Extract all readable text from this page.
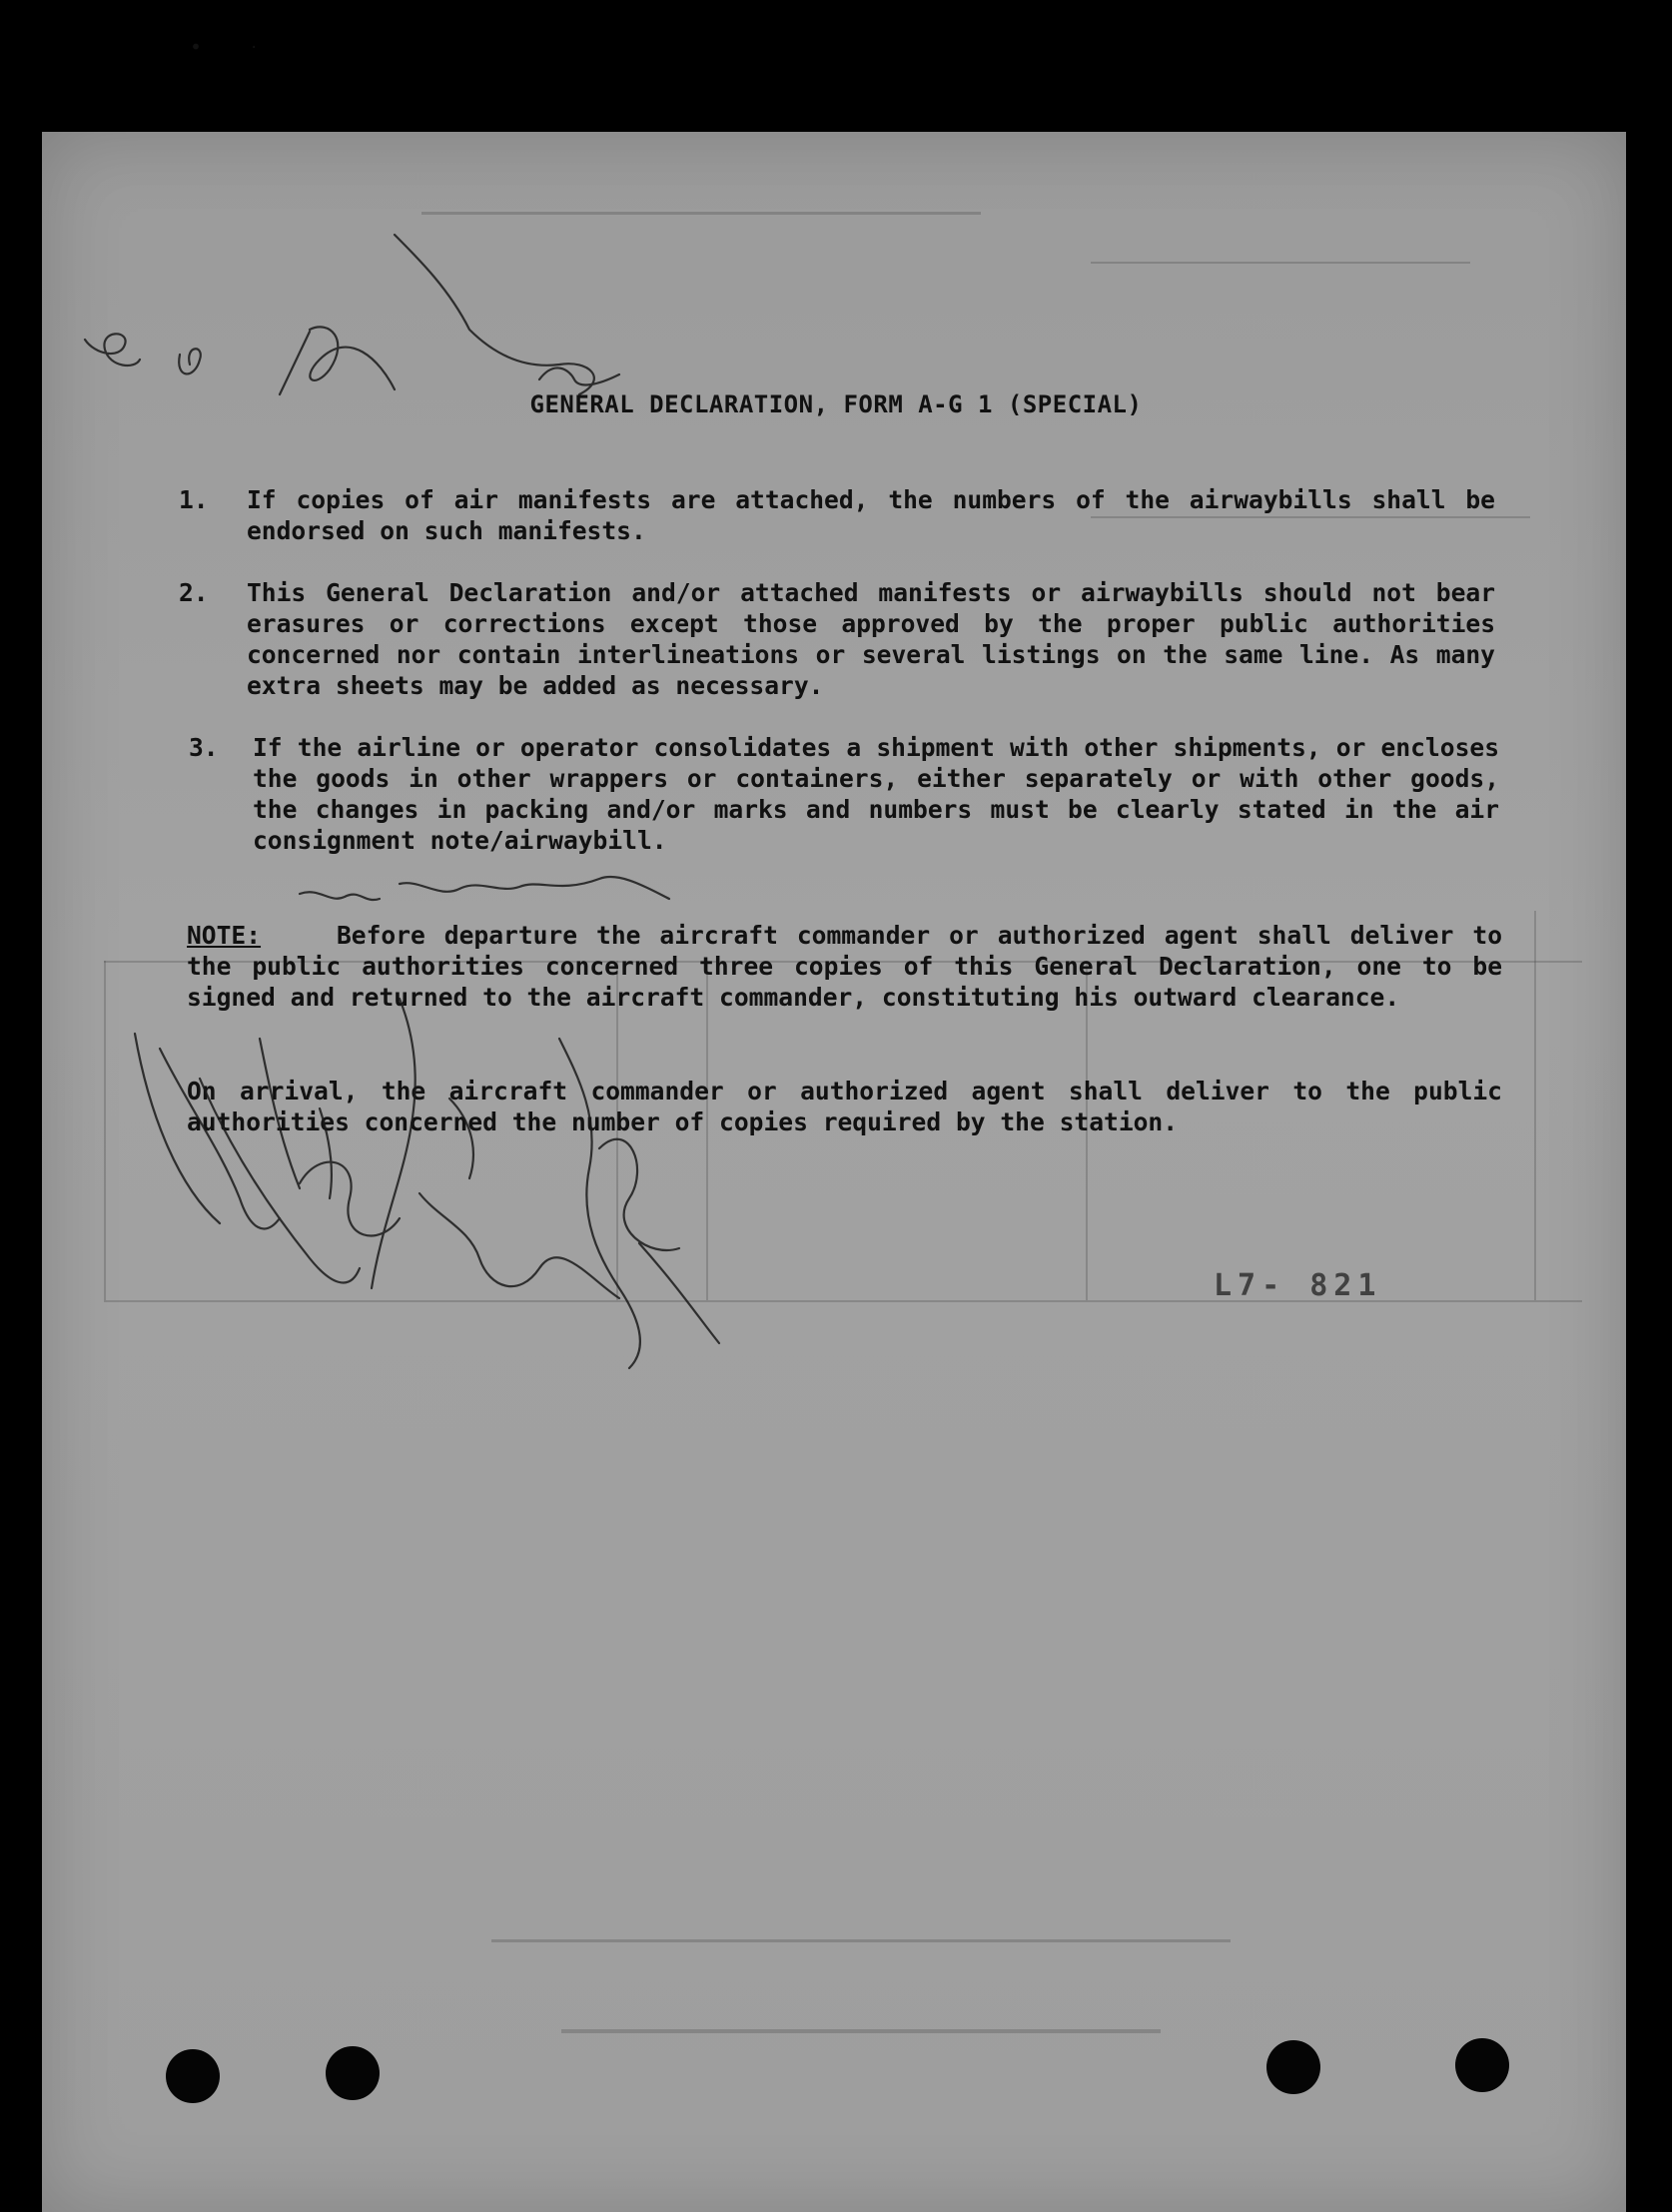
GENERAL DECLARATION, FORM A-G 1 (SPECIAL)
1. If copies of air manifests are attached, the numbers of the airwaybills shall be endorsed on such manifests.
2. This General Declaration and/or attached manifests or airwaybills should not bear erasures or corrections except those approved by the proper public authorities concerned nor contain interlineations or several listings on the same line. As many extra sheets may be added as necessary.
3. If the airline or operator consolidates a shipment with other shipments, or encloses the goods in other wrappers or containers, either separately or with other goods, the changes in packing and/or marks and numbers must be clearly stated in the air consignment note/airwaybill.
NOTE:	Before departure the aircraft commander or authorized agent shall deliver to the public authorities concerned three copies of this General Declaration, one to be signed and returned to the aircraft commander, constituting his outward clearance.
On arrival, the aircraft commander or authorized agent shall deliver to the public authorities concerned the number of copies required by the station.
L7- 821
•	·
